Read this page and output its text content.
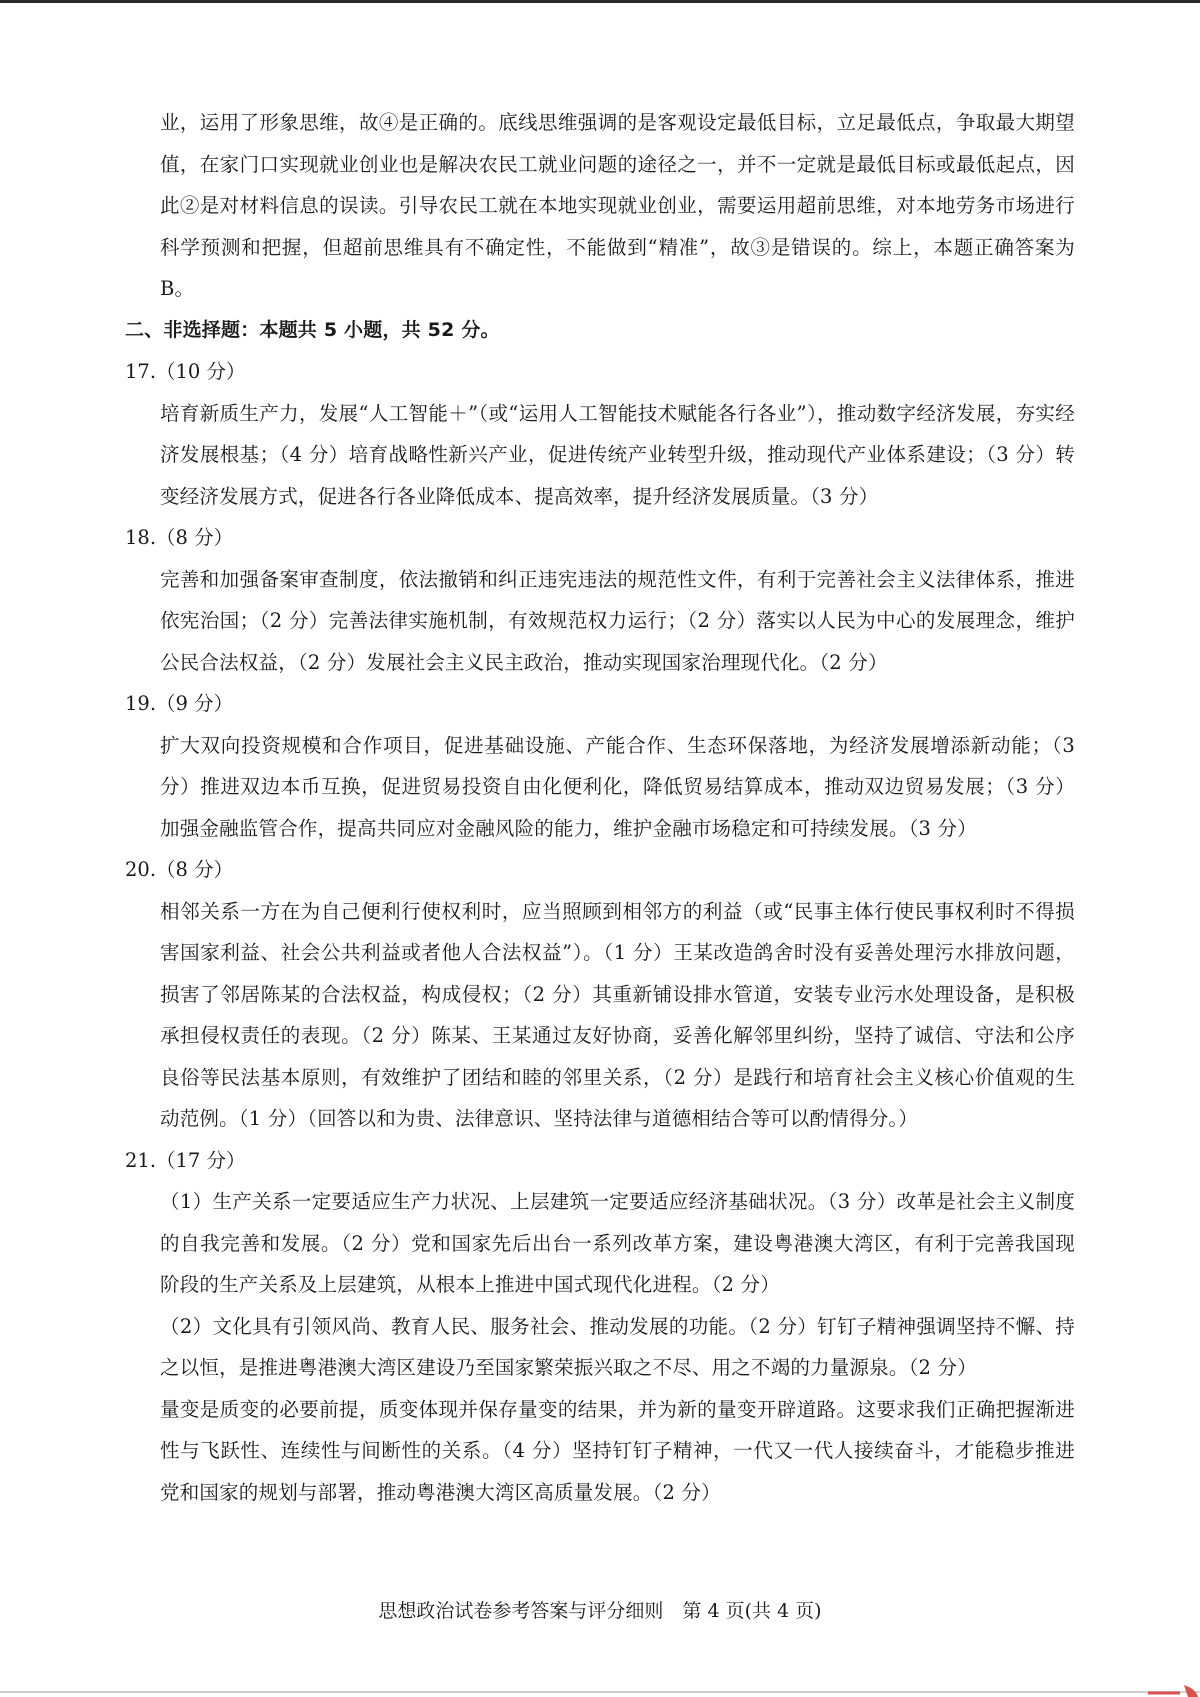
业，运用了形象思维，故④是正确的。底线思维强调的是客观设定最低目标，立足最低点，争取最大期望值，在家门口实现就业创业也是解决农民工就业问题的途径之一，并不一定就是最低目标或最低起点，因此②是对材料信息的误读。引导农民工就在本地实现就业创业，需要运用超前思维，对本地劳务市场进行科学预测和把握，但超前思维具有不确定性，不能做到“精准”，故③是错误的。综上，本题正确答案为 B。

二、非选择题：本题共 5 小题，共 52 分。

17.（10 分）

培育新质生产力，发展“人工智能＋”（或“运用人工智能技术赋能各行各业”），推动数字经济发展，夯实经济发展根基；（4 分）培育战略性新兴产业，促进传统产业转型升级，推动现代产业体系建设；（3 分）转变经济发展方式，促进各行各业降低成本、提高效率，提升经济发展质量。（3 分）

18.（8 分）

完善和加强备案审查制度，依法撤销和纠正违宪违法的规范性文件，有利于完善社会主义法律体系，推进依宪治国；（2 分）完善法律实施机制，有效规范权力运行；（2 分）落实以人民为中心的发展理念，维护公民合法权益，（2 分）发展社会主义民主政治，推动实现国家治理现代化。（2 分）

19.（9 分）

扩大双向投资规模和合作项目，促进基础设施、产能合作、生态环保落地，为经济发展增添新动能；（3 分）推进双边本币互换，促进贸易投资自由化便利化，降低贸易结算成本，推动双边贸易发展；（3 分）加强金融监管合作，提高共同应对金融风险的能力，维护金融市场稳定和可持续发展。（3 分）

20.（8 分）

相邻关系一方在为自己便利行使权利时，应当照顾到相邻方的利益（或“民事主体行使民事权利时不得损害国家利益、社会公共利益或者他人合法权益”）。（1 分）王某改造鸽舍时没有妥善处理污水排放问题，损害了邻居陈某的合法权益，构成侵权；（2 分）其重新铺设排水管道，安装专业污水处理设备，是积极承担侵权责任的表现。（2 分）陈某、王某通过友好协商，妥善化解邻里纠纷，坚持了诚信、守法和公序良俗等民法基本原则，有效维护了团结和睦的邻里关系，（2 分）是践行和培育社会主义核心价值观的生动范例。（1 分）（回答以和为贵、法律意识、坚持法律与道德相结合等可以酌情得分。）

21.（17 分）

（1）生产关系一定要适应生产力状况、上层建筑一定要适应经济基础状况。（3 分）改革是社会主义制度的自我完善和发展。（2 分）党和国家先后出台一系列改革方案，建设粤港澳大湾区，有利于完善我国现阶段的生产关系及上层建筑，从根本上推进中国式现代化进程。（2 分）

（2）文化具有引领风尚、教育人民、服务社会、推动发展的功能。（2 分）钉钉子精神强调坚持不懈、持之以恒，是推进粤港澳大湾区建设乃至国家繁荣振兴取之不尽、用之不竭的力量源泉。（2 分）

量变是质变的必要前提，质变体现并保存量变的结果，并为新的量变开辟道路。这要求我们正确把握渐进性与飞跃性、连续性与间断性的关系。（4 分）坚持钉钉子精神，一代又一代人接续奋斗，才能稳步推进党和国家的规划与部署，推动粤港澳大湾区高质量发展。（2 分）

思想政治试卷参考答案与评分细则　第 4 页(共 4 页)
